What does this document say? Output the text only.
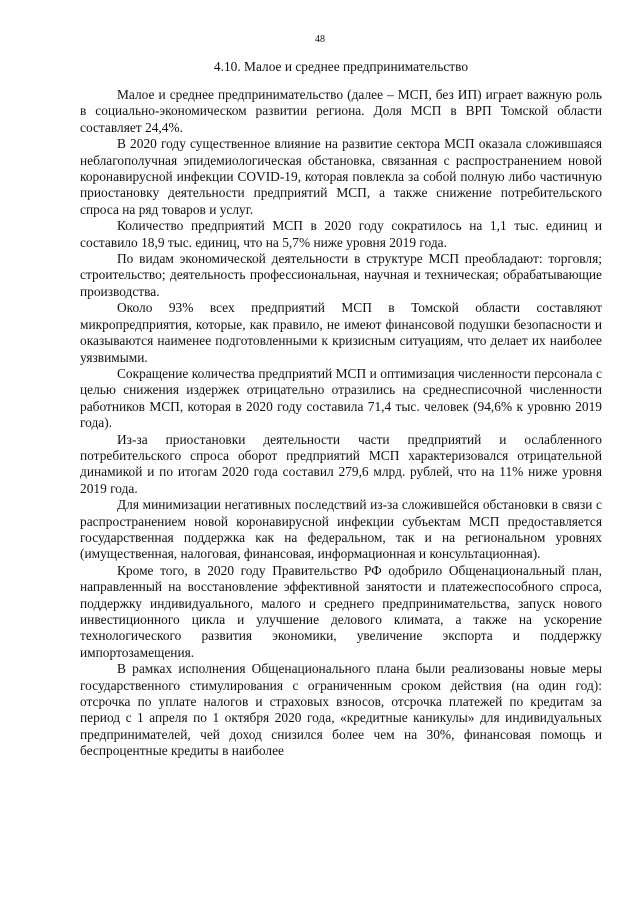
48
4.10. Малое и среднее предпринимательство

Малое и среднее предпринимательство (далее – МСП, без ИП) играет важную роль в социально-экономическом развитии региона. Доля МСП в ВРП Томской области составляет 24,4%.

В 2020 году существенное влияние на развитие сектора МСП оказала сложившаяся неблагополучная эпидемиологическая обстановка, связанная с распространением новой коронавирусной инфекции COVID-19, которая повлекла за собой полную либо частичную приостановку деятельности предприятий МСП, а также снижение потребительского спроса на ряд товаров и услуг.

Количество предприятий МСП в 2020 году сократилось на 1,1 тыс. единиц и составило 18,9 тыс. единиц, что на 5,7% ниже уровня 2019 года.

По видам экономической деятельности в структуре МСП преобладают: торговля; строительство; деятельность профессиональная, научная и техническая; обрабатывающие производства.

Около 93% всех предприятий МСП в Томской области составляют микропредприятия, которые, как правило, не имеют финансовой подушки безопасности и оказываются наименее подготовленными к кризисным ситуациям, что делает их наиболее уязвимыми.

Сокращение количества предприятий МСП и оптимизация численности персонала с целью снижения издержек отрицательно отразились на среднесписочной численности работников МСП, которая в 2020 году составила 71,4 тыс. человек (94,6% к уровню 2019 года).

Из-за приостановки деятельности части предприятий и ослабленного потребительского спроса оборот предприятий МСП характеризовался отрицательной динамикой и по итогам 2020 года составил 279,6 млрд. рублей, что на 11% ниже уровня 2019 года.

Для минимизации негативных последствий из-за сложившейся обстановки в связи с распространением новой коронавирусной инфекции субъектам МСП предоставляется государственная поддержка как на федеральном, так и на региональном уровнях (имущественная, налоговая, финансовая, информационная и консультационная).

Кроме того, в 2020 году Правительство РФ одобрило Общенациональный план, направленный на восстановление эффективной занятости и платежеспособного спроса, поддержку индивидуального, малого и среднего предпринимательства, запуск нового инвестиционного цикла и улучшение делового климата, а также на ускорение технологического развития экономики, увеличение экспорта и поддержку импортозамещения.

В рамках исполнения Общенационального плана были реализованы новые меры государственного стимулирования с ограниченным сроком действия (на один год): отсрочка по уплате налогов и страховых взносов, отсрочка платежей по кредитам за период с 1 апреля по 1 октября 2020 года, «кредитные каникулы» для индивидуальных предпринимателей, чей доход снизился более чем на 30%, финансовая помощь и беспроцентные кредиты в наиболее
